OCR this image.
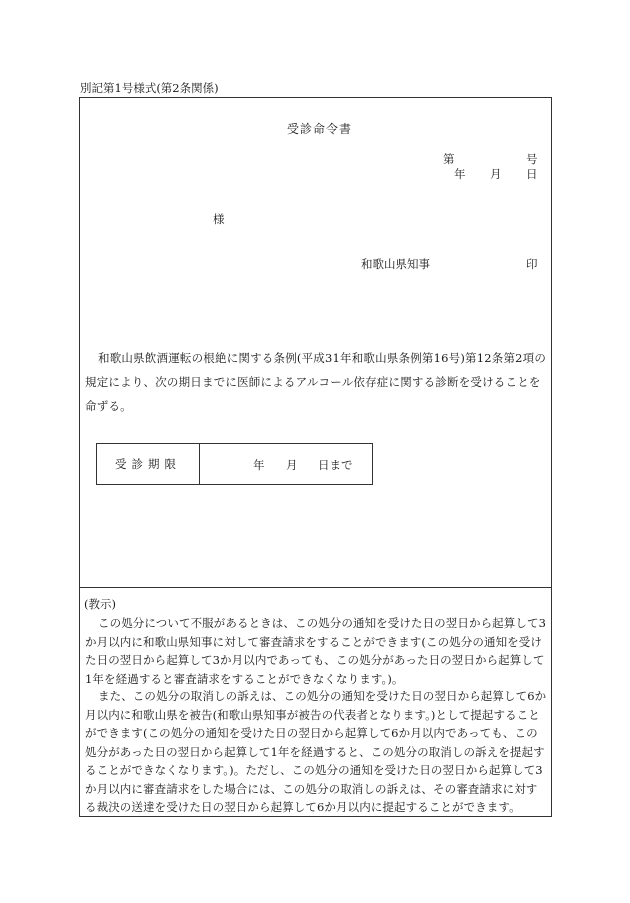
別記第1号様式(第2条関係)
受診命令書
第	号
年 月 日
様
和歌山県知事	印
和歌山県飲酒運転の根絶に関する条例(平成31年和歌山県条例第16号)第12条第2項の規定により、次の期日までに医師によるアルコール依存症に関する診断を受けることを命ずる。
受診期限	年 月 日まで
(教示)
この処分について不服があるときは、この処分の通知を受けた日の翌日から起算して3か月以内に和歌山県知事に対して審査請求をすることができます(この処分の通知を受けた日の翌日から起算して3か月以内であっても、この処分があった日の翌日から起算して1年を経過すると審査請求をすることができなくなります。)。
また、この処分の取消しの訴えは、この処分の通知を受けた日の翌日から起算して6か月以内に和歌山県を被告(和歌山県知事が被告の代表者となります。)として提起することができます(この処分の通知を受けた日の翌日から起算して6か月以内であっても、この処分があった日の翌日から起算して1年を経過すると、この処分の取消しの訴えを提起することができなくなります。)。ただし、この処分の通知を受けた日の翌日から起算して3か月以内に審査請求をした場合には、この処分の取消しの訴えは、その審査請求に対する裁決の送達を受けた日の翌日から起算して6か月以内に提起することができます。
